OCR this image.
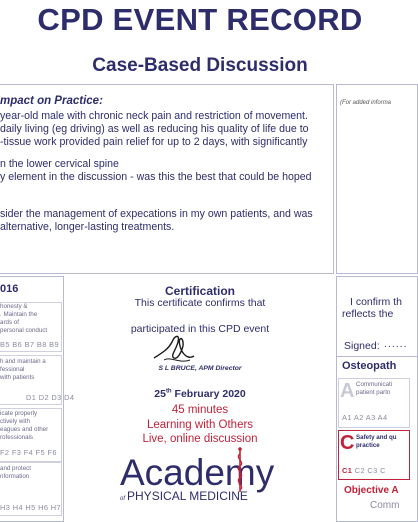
CPD EVENT RECORD
Case-Based Discussion
(For added informa
mpact on Practice:
year-old male with chronic neck pain and restriction of movement.
daily living (eg driving) as well as reducing his quality of life due to
-tissue work provided pain relief for up to 2 days, with significantly
n the lower cervical spine
y element in the discussion - was this the best that could be hoped
sider the management of expecations in my own patients, and was
alternative, longer-lasting treatments.
016
honesty &
. Maintain the
ards of
personal conduct
B5 B6 B7 B8 B9
h and maintain a
fessional
with patients
D1 D2 D3 D4
icate properly
ctively with
eagues and other
rofessionals
F2 F3 F4 F5 F6
and protect
nformation
H3 H4 H5 H6 H7
Certification
This certificate confirms that
participated in this CPD event
S L BRUCE, APM Director
25th February 2020
45 minutes
Learning with Others
Live, online discussion
Academ
y
of PHYSICAL MEDICINE
I confirm th
reflects the
Signed: ......
Osteopath
A Communicati
patient partn
A1 A2 A3 A4
C Safety and qu
practice
C1 C2 C3 C
Objective A
Comm
